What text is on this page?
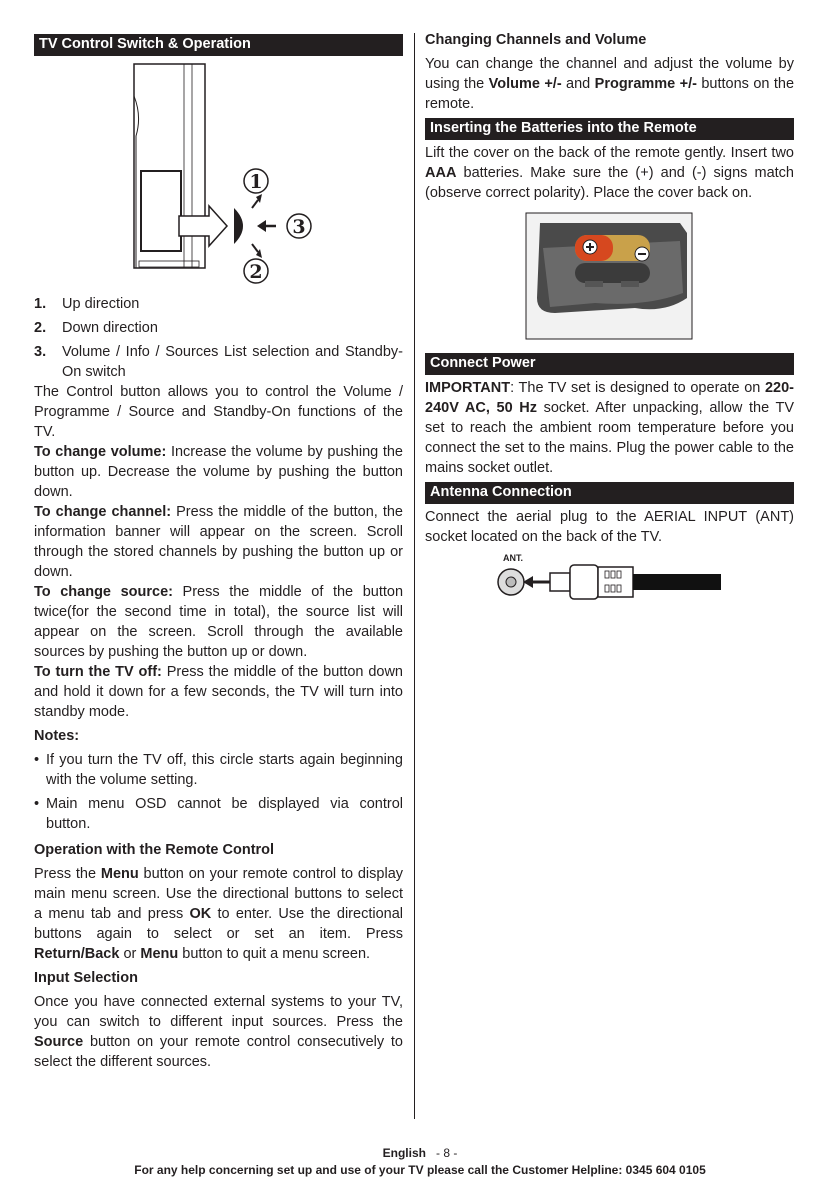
TV Control Switch & Operation
1
3
2
1.	Up direction
2.	Down direction
3.	Volume / Info / Sources List selection and Standby-On switch

The Control button allows you to control the Volume / Programme / Source and Standby-On functions of the TV.

To change volume: Increase the volume by pushing the button up. Decrease the volume by pushing the button down.

To change channel: Press the middle of the button, the information banner will appear on the screen. Scroll through the stored channels by pushing the button up or down.

To change source: Press the middle of the button twice(for the second time in total), the source list will appear on the screen. Scroll through the available sources by pushing the button up or down.

To turn the TV off: Press the middle of the button down and hold it down for a few seconds, the TV will turn into standby mode.

Notes:
• If you turn the TV off, this circle starts again beginning with the volume setting.
• Main menu OSD cannot be displayed via control button.
Operation with the Remote Control

Press the Menu button on your remote control to display main menu screen. Use the directional buttons to select a menu tab and press OK to enter. Use the directional buttons again to select or set an item. Press Return/Back or Menu button to quit a menu screen.

Input Selection

Once you have connected external systems to your TV, you can switch to different input sources. Press the Source button on your remote control consecutively to select the different sources.

Changing Channels and Volume

You can change the channel and adjust the volume by using the Volume +/- and Programme +/- buttons on the remote.

Inserting the Batteries into the Remote

Lift the cover on the back of the remote gently. Insert two AAA batteries. Make sure the (+) and (-) signs match (observe correct polarity). Place the cover back on.

Connect Power

IMPORTANT: The TV set is designed to operate on 220-240V AC, 50 Hz socket. After unpacking, allow the TV set to reach the ambient room temperature before you connect the set to the mains. Plug the power cable to the mains socket outlet.

Antenna Connection

Connect the aerial plug to the AERIAL INPUT (ANT) socket located on the back of the TV.

ANT.
English - 8 -
For any help concerning set up and use of your TV please call the Customer Helpline: 0345 604 0105
